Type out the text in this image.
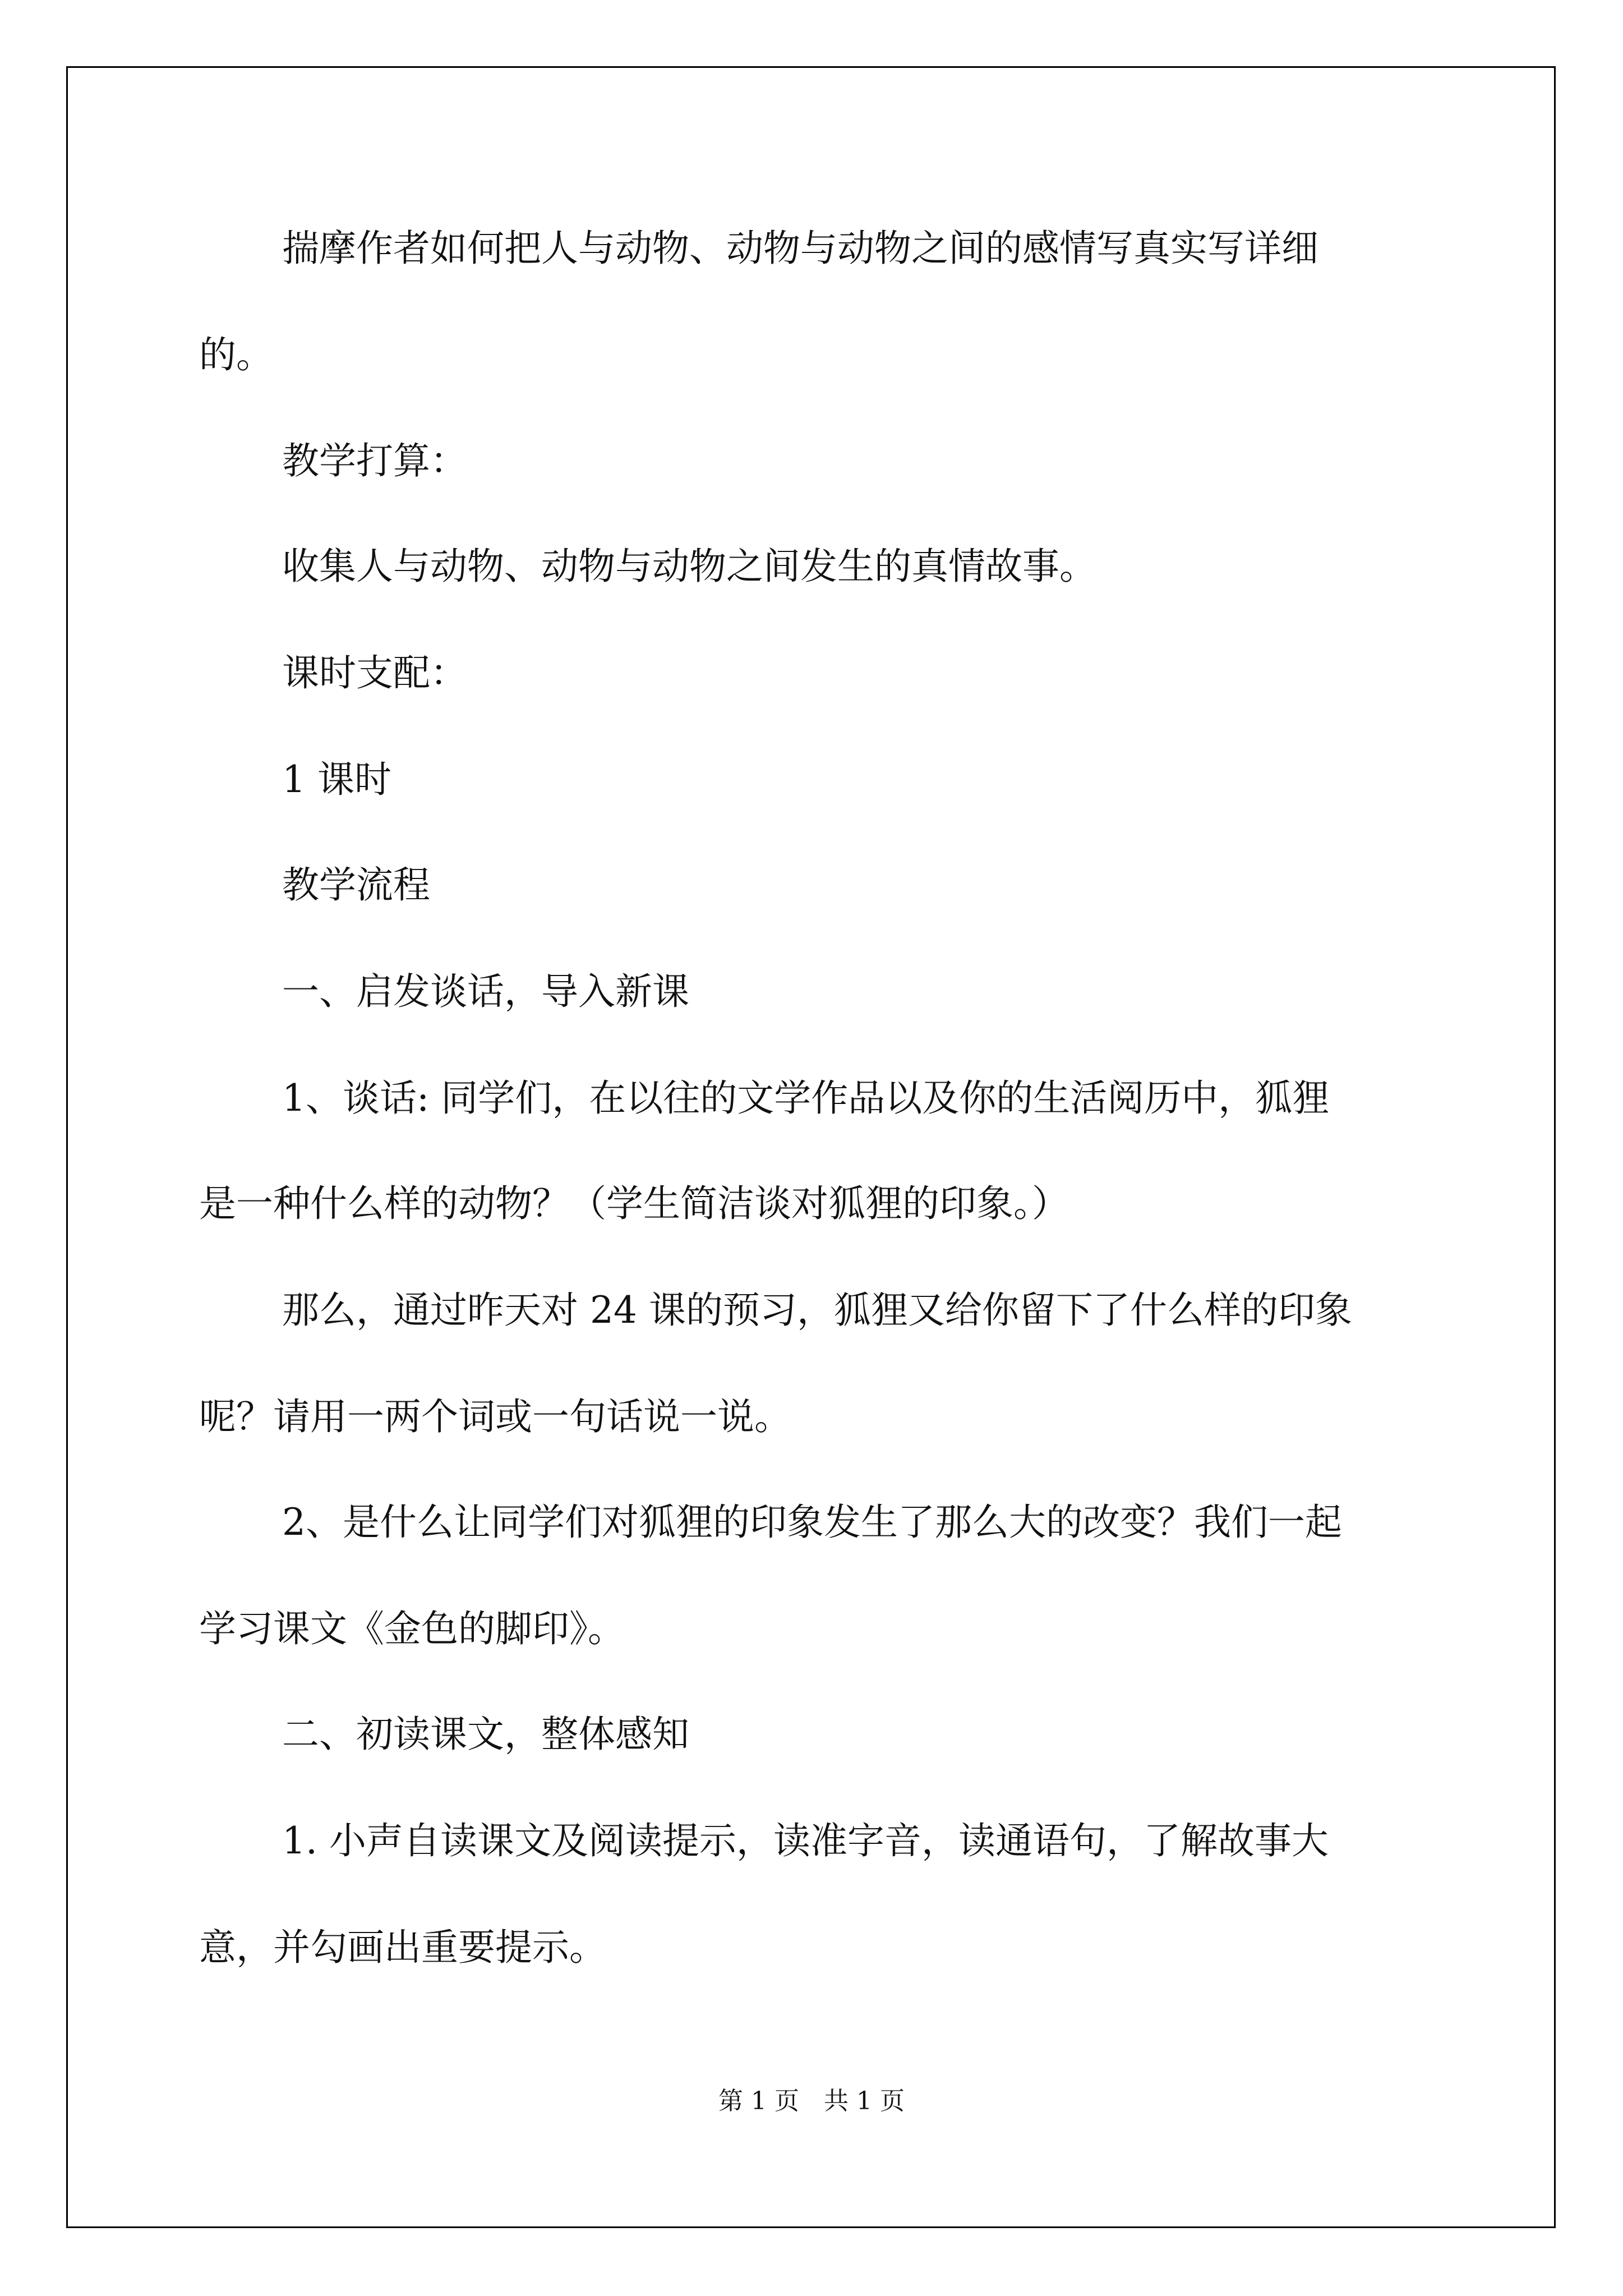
揣摩作者如何把人与动物、动物与动物之间的感情写真实写详细
的。
教学打算：
收集人与动物、动物与动物之间发生的真情故事。
课时支配：
1 课时
教学流程
一、启发谈话，导入新课
1、谈话: 同学们，在以往的文学作品以及你的生活阅历中，狐狸
是一种什么样的动物？（学生简洁谈对狐狸的印象。）
那么，通过昨天对 24 课的预习，狐狸又给你留下了什么样的印象
呢？请用一两个词或一句话说一说。
2、是什么让同学们对狐狸的印象发生了那么大的改变？我们一起
学习课文《金色的脚印》。
二、初读课文，整体感知
1. 小声自读课文及阅读提示，读准字音，读通语句，了解故事大
意，并勾画出重要提示。
第 1 页　共 1 页
